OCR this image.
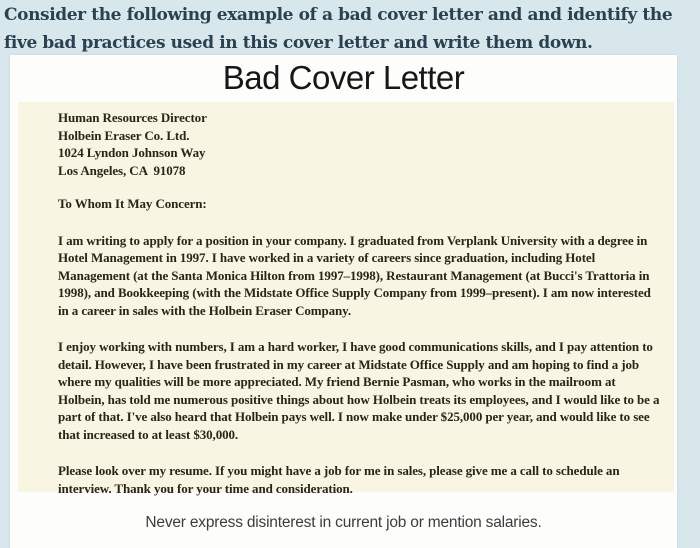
Consider the following example of a bad cover letter and and identify the five bad practices used in this cover letter and write them down.
Bad Cover Letter
Human Resources Director
Holbein Eraser Co. Ltd.
1024 Lyndon Johnson Way
Los Angeles, CA  91078
To Whom It May Concern:

I am writing to apply for a position in your company. I graduated from Verplank University with a degree in Hotel Management in 1997. I have worked in a variety of careers since graduation, including Hotel Management (at the Santa Monica Hilton from 1997–1998), Restaurant Management (at Bucci's Trattoria in 1998), and Bookkeeping (with the Midstate Office Supply Company from 1999–present). I am now interested in a career in sales with the Holbein Eraser Company.

I enjoy working with numbers, I am a hard worker, I have good communications skills, and I pay attention to detail. However, I have been frustrated in my career at Midstate Office Supply and am hoping to find a job where my qualities will be more appreciated. My friend Bernie Pasman, who works in the mailroom at Holbein, has told me numerous positive things about how Holbein treats its employees, and I would like to be a part of that. I've also heard that Holbein pays well. I now make under $25,000 per year, and would like to see that increased to at least $30,000.

Please look over my resume. If you might have a job for me in sales, please give me a call to schedule an interview. Thank you for your time and consideration.

Never express disinterest in current job or mention salaries.
